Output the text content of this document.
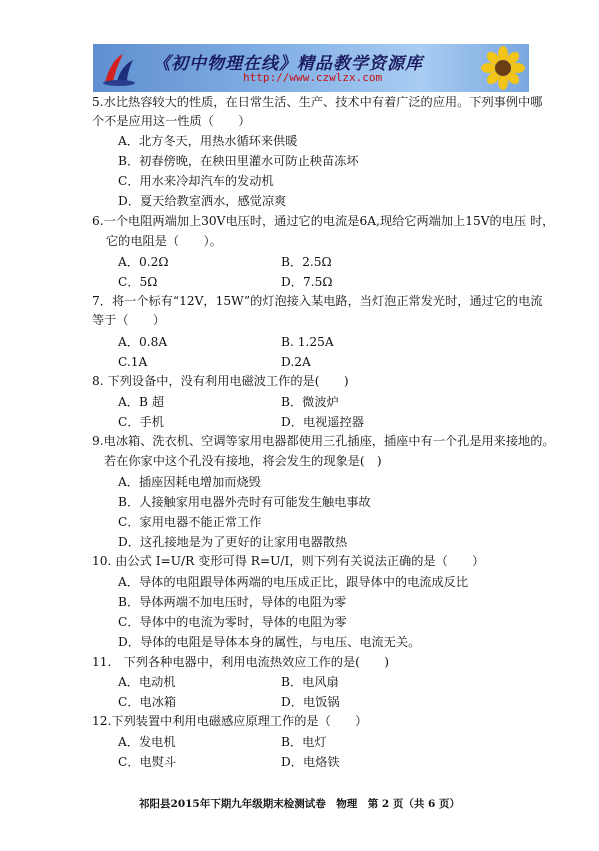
《初中物理在线》精品教学资源库
http://www.czwlzx.com
5.水比热容较大的性质，在日常生活、生产、技术中有着广泛的应用。下列事例中哪
个不是应用这一性质（　　）
A．北方冬天，用热水循环来供暖
B．初春傍晚，在秧田里灌水可防止秧苗冻坏
C．用水来冷却汽车的发动机
D．夏天给教室洒水，感觉凉爽
6.一个电阻两端加上30V电压时，通过它的电流是6A,现给它两端加上15V的电压 时，
它的电阻是（　　）。
A．0.2Ω	B．2.5Ω
C．5Ω	D．7.5Ω
7．将一个标有“12V，15W”的灯泡接入某电路，当灯泡正常发光时，通过它的电流
等于（　　）
A．0.8A	B. 1.25A
C.1A	D.2A
8. 下列设备中，没有利用电磁波工作的是(　　)
A．B 超	B．微波炉
C．手机	D．电视遥控器
9.电冰箱、洗衣机、空调等家用电器都使用三孔插座，插座中有一个孔是用来接地的。
若在你家中这个孔没有接地，将会发生的现象是(　)
A．插座因耗电增加而烧毁
B．人接触家用电器外壳时有可能发生触电事故
C．家用电器不能正常工作
D．这孔接地是为了更好的让家用电器散热
10. 由公式 I=U/R 变形可得 R=U/I，则下列有关说法正确的是（　　）
A．导体的电阻跟导体两端的电压成正比，跟导体中的电流成反比
B．导体两端不加电压时，导体的电阻为零
C．导体中的电流为零时，导体的电阻为零
D．导体的电阻是导体本身的属性，与电压、电流无关。
11.　下列各种电器中，利用电流热效应工作的是(　　)
A．电动机	B．电风扇
C．电冰箱	D．电饭锅
12.下列装置中利用电磁感应原理工作的是（　　）
A．发电机	B．电灯
C．电熨斗	D．电烙铁
祁阳县2015年下期九年级期末检测试卷　物理　第 2 页（共 6 页）
